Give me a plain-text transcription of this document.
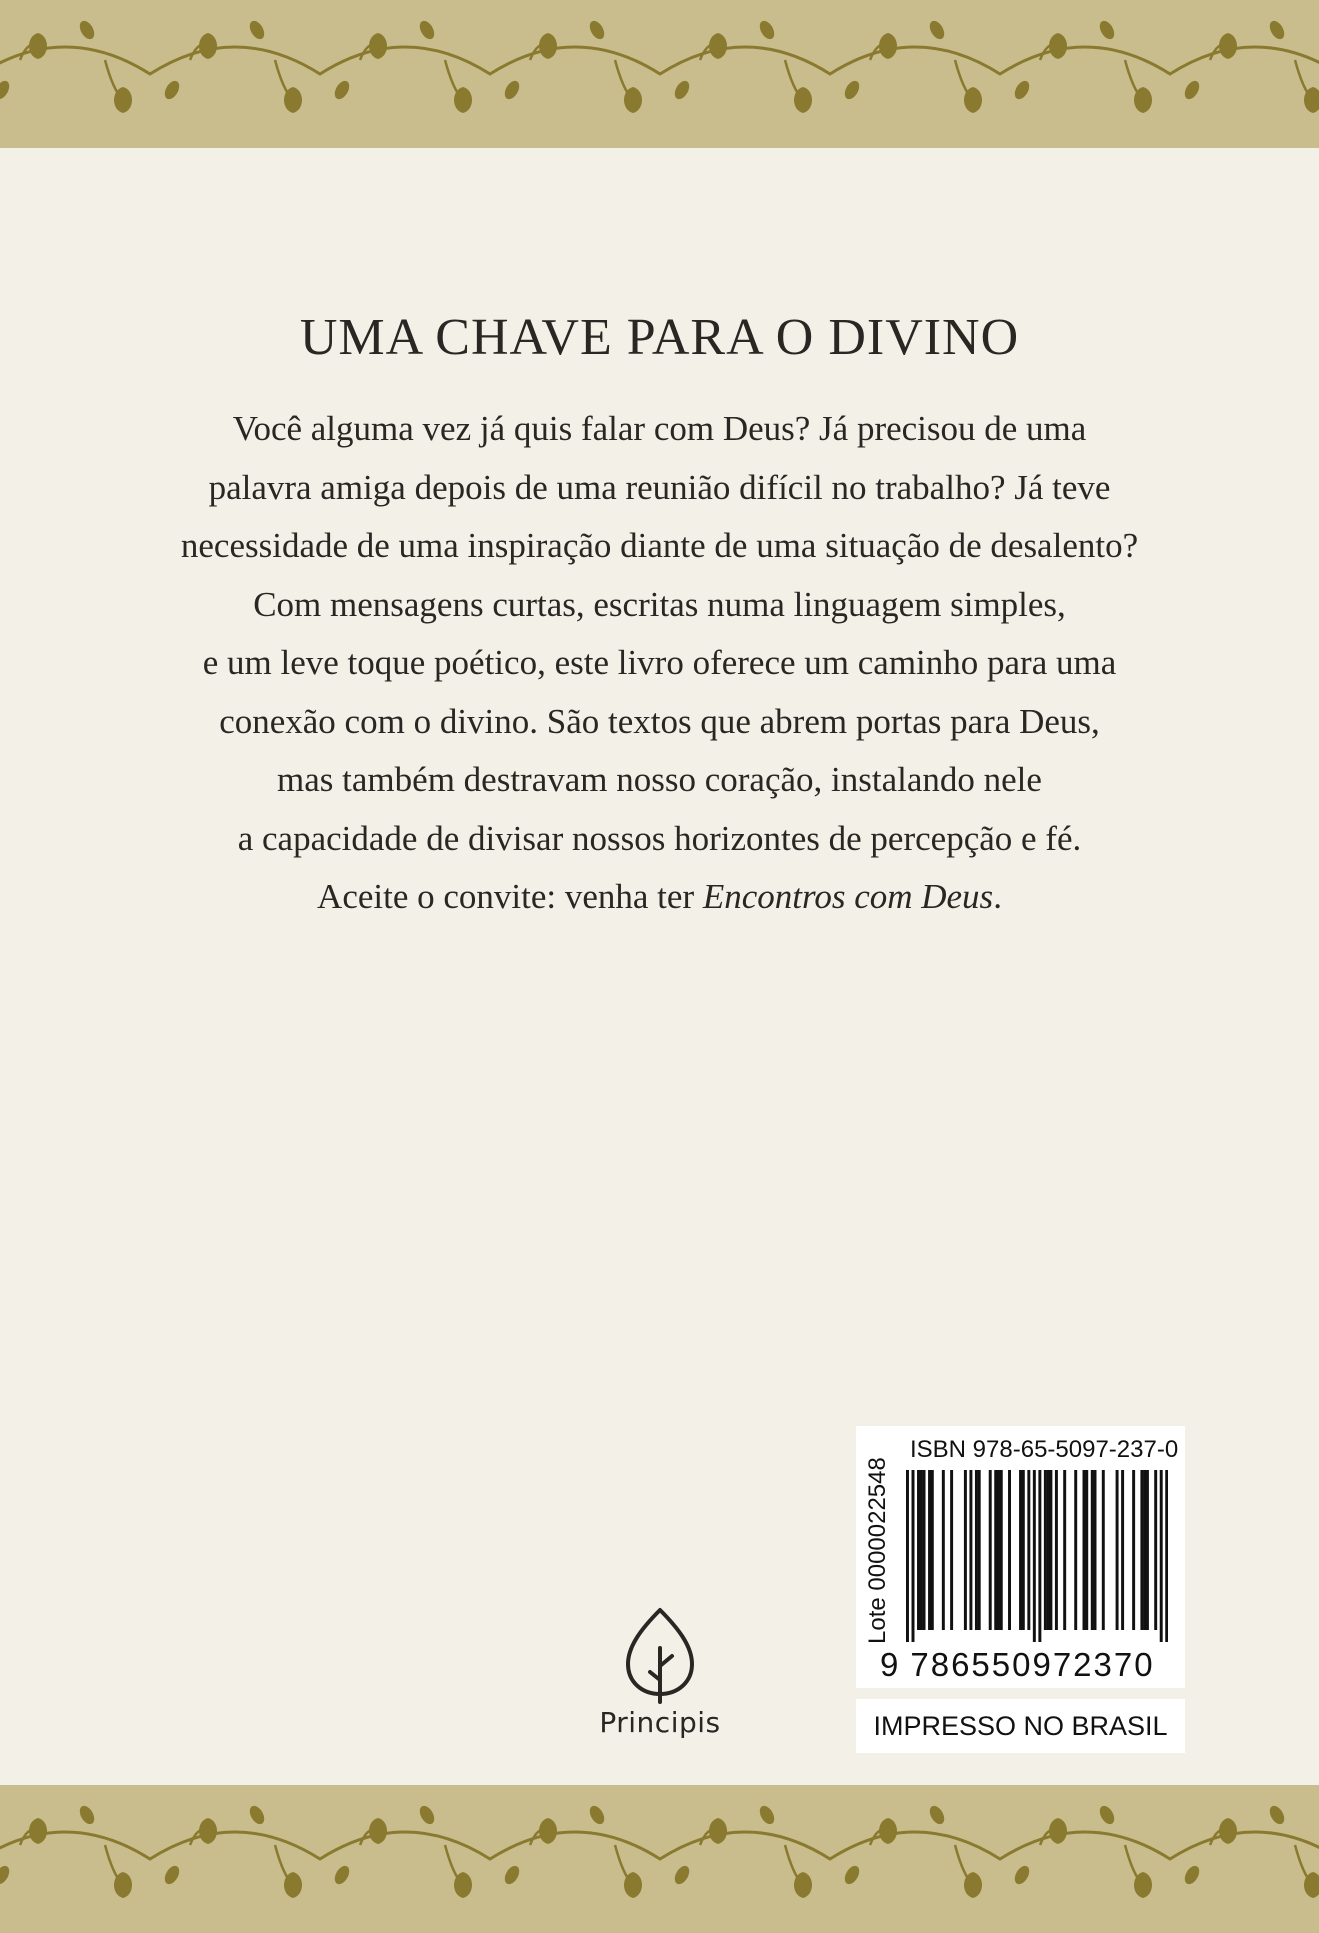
UMA CHAVE PARA O DIVINO
Você alguma vez já quis falar com Deus? Já precisou de uma
palavra amiga depois de uma reunião difícil no trabalho? Já teve
necessidade de uma inspiração diante de uma situação de desalento?
Com mensagens curtas, escritas numa linguagem simples,
e um leve toque poético, este livro oferece um caminho para uma
conexão com o divino. São textos que abrem portas para Deus,
mas também destravam nosso coração, instalando nele
a capacidade de divisar nossos horizontes de percepção e fé.
Aceite o convite: venha ter Encontros com Deus.
Principis
ISBN 978-65-5097-237-0
Lote 0000022548
9 786550972370
IMPRESSO NO BRASIL
